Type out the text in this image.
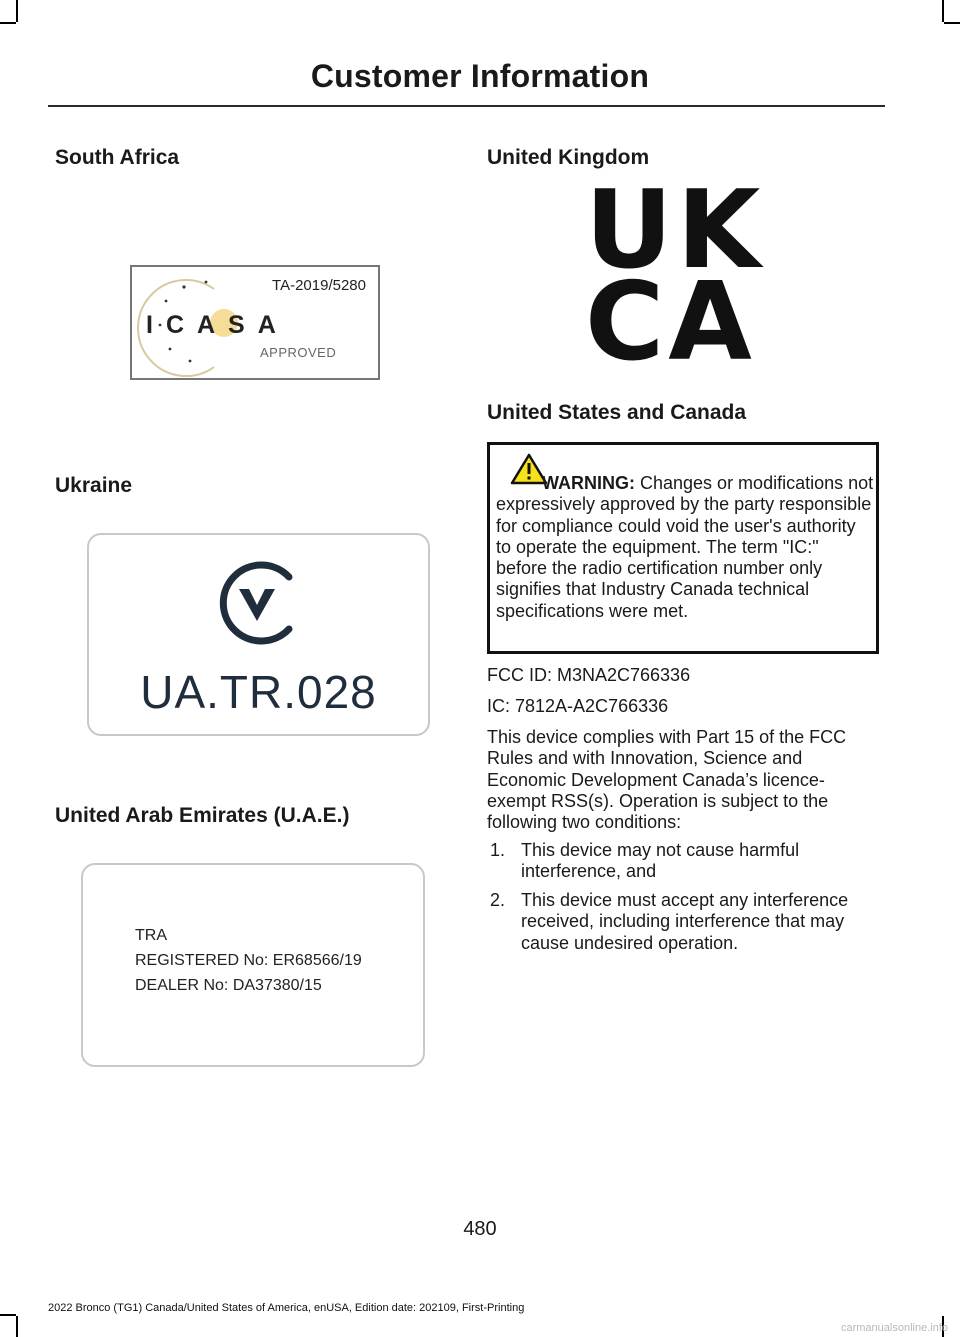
Customer Information
South Africa
TA-2019/5280
ICASA
APPROVED
Ukraine
UA.TR.028
United Arab Emirates (U.A.E.)
TRA
REGISTERED No: ER68566/19
DEALER No: DA37380/15
United Kingdom
UK
CA
United States and Canada
WARNING: Changes or modifications not expressively approved by the party responsible for compliance could void the user's authority to operate the equipment. The term "IC:" before the radio certification number only signifies that Industry Canada technical specifications were met.
FCC ID: M3NA2C766336
IC: 7812A-A2C766336
This device complies with Part 15 of the FCC Rules and with Innovation, Science and Economic Development Canada’s licence-exempt RSS(s). Operation is subject to the following two conditions:
1. This device may not cause harmful interference, and
2. This device must accept any interference received, including interference that may cause undesired operation.
480
2022 Bronco (TG1) Canada/United States of America, enUSA, Edition date: 202109, First-Printing
carmanualsonline.info
